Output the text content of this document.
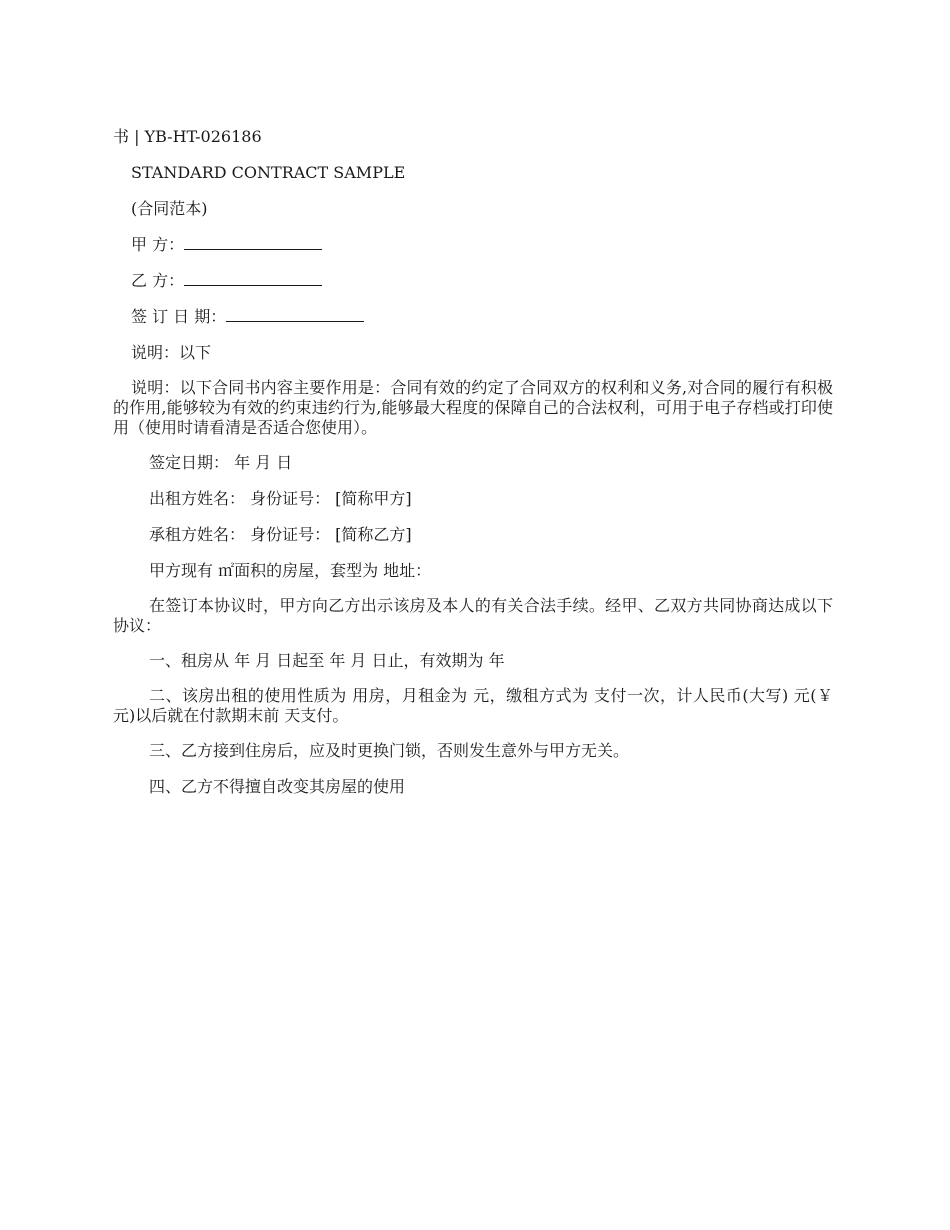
书 | YB-HT-026186

STANDARD CONTRACT SAMPLE

(合同范本)

甲 方：

乙 方：

签 订 日 期：

说明：以下

说明：以下合同书内容主要作用是：合同有效的约定了合同双方的权利和义务,对合同的履行有积极的作用,能够较为有效的约束违约行为,能够最大程度的保障自己的合法权利，可用于电子存档或打印使用（使用时请看清是否适合您使用）。

签定日期： 年 月 日

出租方姓名： 身份证号： [简称甲方]

承租方姓名： 身份证号： [简称乙方]

甲方现有 ㎡面积的房屋，套型为 地址：

在签订本协议时，甲方向乙方出示该房及本人的有关合法手续。经甲、乙双方共同协商达成以下协议：

一、租房从 年 月 日起至 年 月 日止，有效期为 年

二、该房出租的使用性质为 用房，月租金为 元，缴租方式为 支付一次，计人民币(大写) 元(￥ 元)以后就在付款期末前 天支付。

三、乙方接到住房后，应及时更换门锁，否则发生意外与甲方无关。

四、乙方不得擅自改变其房屋的使用
